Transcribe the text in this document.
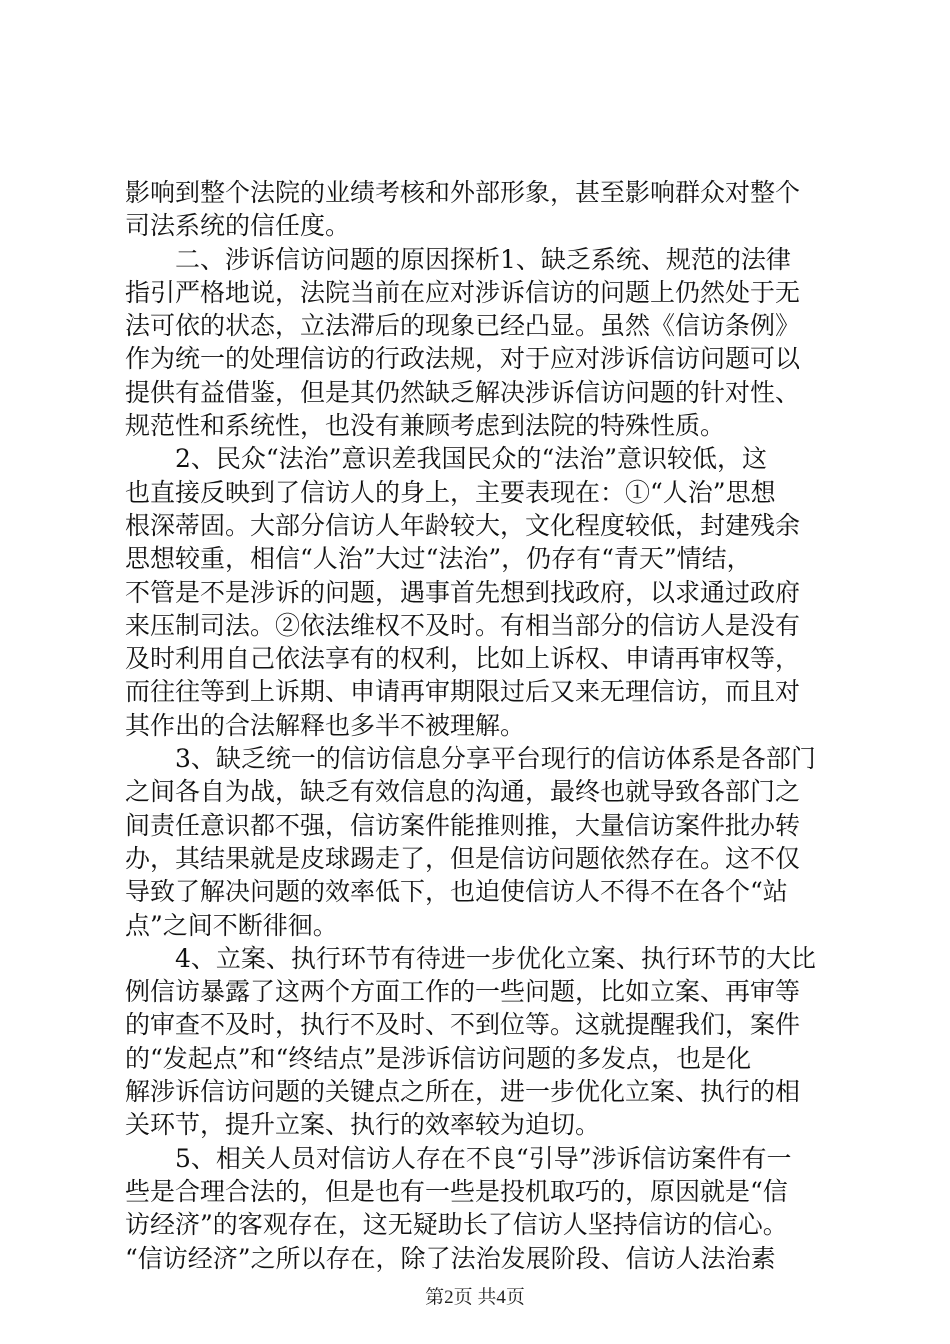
影响到整个法院的业绩考核和外部形象，甚至影响群众对整个
司法系统的信任度。
　　二、涉诉信访问题的原因探析1、缺乏系统、规范的法律
指引严格地说，法院当前在应对涉诉信访的问题上仍然处于无
法可依的状态，立法滞后的现象已经凸显。虽然《信访条例》
作为统一的处理信访的行政法规，对于应对涉诉信访问题可以
提供有益借鉴，但是其仍然缺乏解决涉诉信访问题的针对性、
规范性和系统性，也没有兼顾考虑到法院的特殊性质。
　　2、民众“法治”意识差我国民众的“法治”意识较低，这
也直接反映到了信访人的身上，主要表现在：①“人治”思想
根深蒂固。大部分信访人年龄较大，文化程度较低，封建残余
思想较重，相信“人治”大过“法治”，仍存有“青天”情结，
不管是不是涉诉的问题，遇事首先想到找政府，以求通过政府
来压制司法。②依法维权不及时。有相当部分的信访人是没有
及时利用自己依法享有的权利，比如上诉权、申请再审权等，
而往往等到上诉期、申请再审期限过后又来无理信访，而且对
其作出的合法解释也多半不被理解。
　　3、缺乏统一的信访信息分享平台现行的信访体系是各部门
之间各自为战，缺乏有效信息的沟通，最终也就导致各部门之
间责任意识都不强，信访案件能推则推，大量信访案件批办转
办，其结果就是皮球踢走了，但是信访问题依然存在。这不仅
导致了解决问题的效率低下，也迫使信访人不得不在各个“站
点”之间不断徘徊。
　　4、立案、执行环节有待进一步优化立案、执行环节的大比
例信访暴露了这两个方面工作的一些问题，比如立案、再审等
的审查不及时，执行不及时、不到位等。这就提醒我们，案件
的“发起点”和“终结点”是涉诉信访问题的多发点，也是化
解涉诉信访问题的关键点之所在，进一步优化立案、执行的相
关环节，提升立案、执行的效率较为迫切。
　　5、相关人员对信访人存在不良“引导”涉诉信访案件有一
些是合理合法的，但是也有一些是投机取巧的，原因就是“信
访经济”的客观存在，这无疑助长了信访人坚持信访的信心。
“信访经济”之所以存在，除了法治发展阶段、信访人法治素
第2页 共4页
